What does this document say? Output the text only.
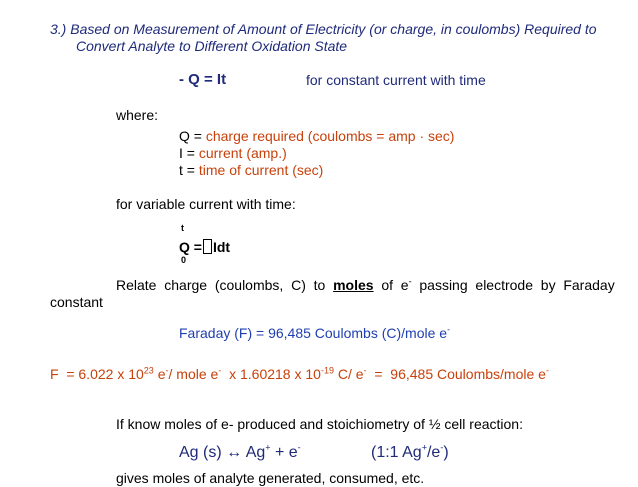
3.) Based on Measurement of Amount of Electricity (or charge, in coulombs) Required to
Convert Analyte to Different Oxidation State
- Q = It	for constant current with time
where:
Q = charge required (coulombs = amp · sec)
I = current (amp.)
t = time of current (sec)
for variable current with time:
t
Q = Idt
0
Relate  charge  (coulombs,  C)  to  moles  of  e-  passing  electrode  by  Faraday
constant
Faraday (F) = 96,485 Coulombs (C)/mole e-
F  = 6.022 x $10^{23}$ e-/ mole e-  x 1.60218 x $10^{-19}$ C/ e-  =  96,485 Coulombs/mole e-
If know moles of e- produced and stoichiometry of ½ cell reaction:
Ag (s) ↔ Ag+ + e-	(1:1 Ag+/e-)
gives moles of analyte generated, consumed, etc.
